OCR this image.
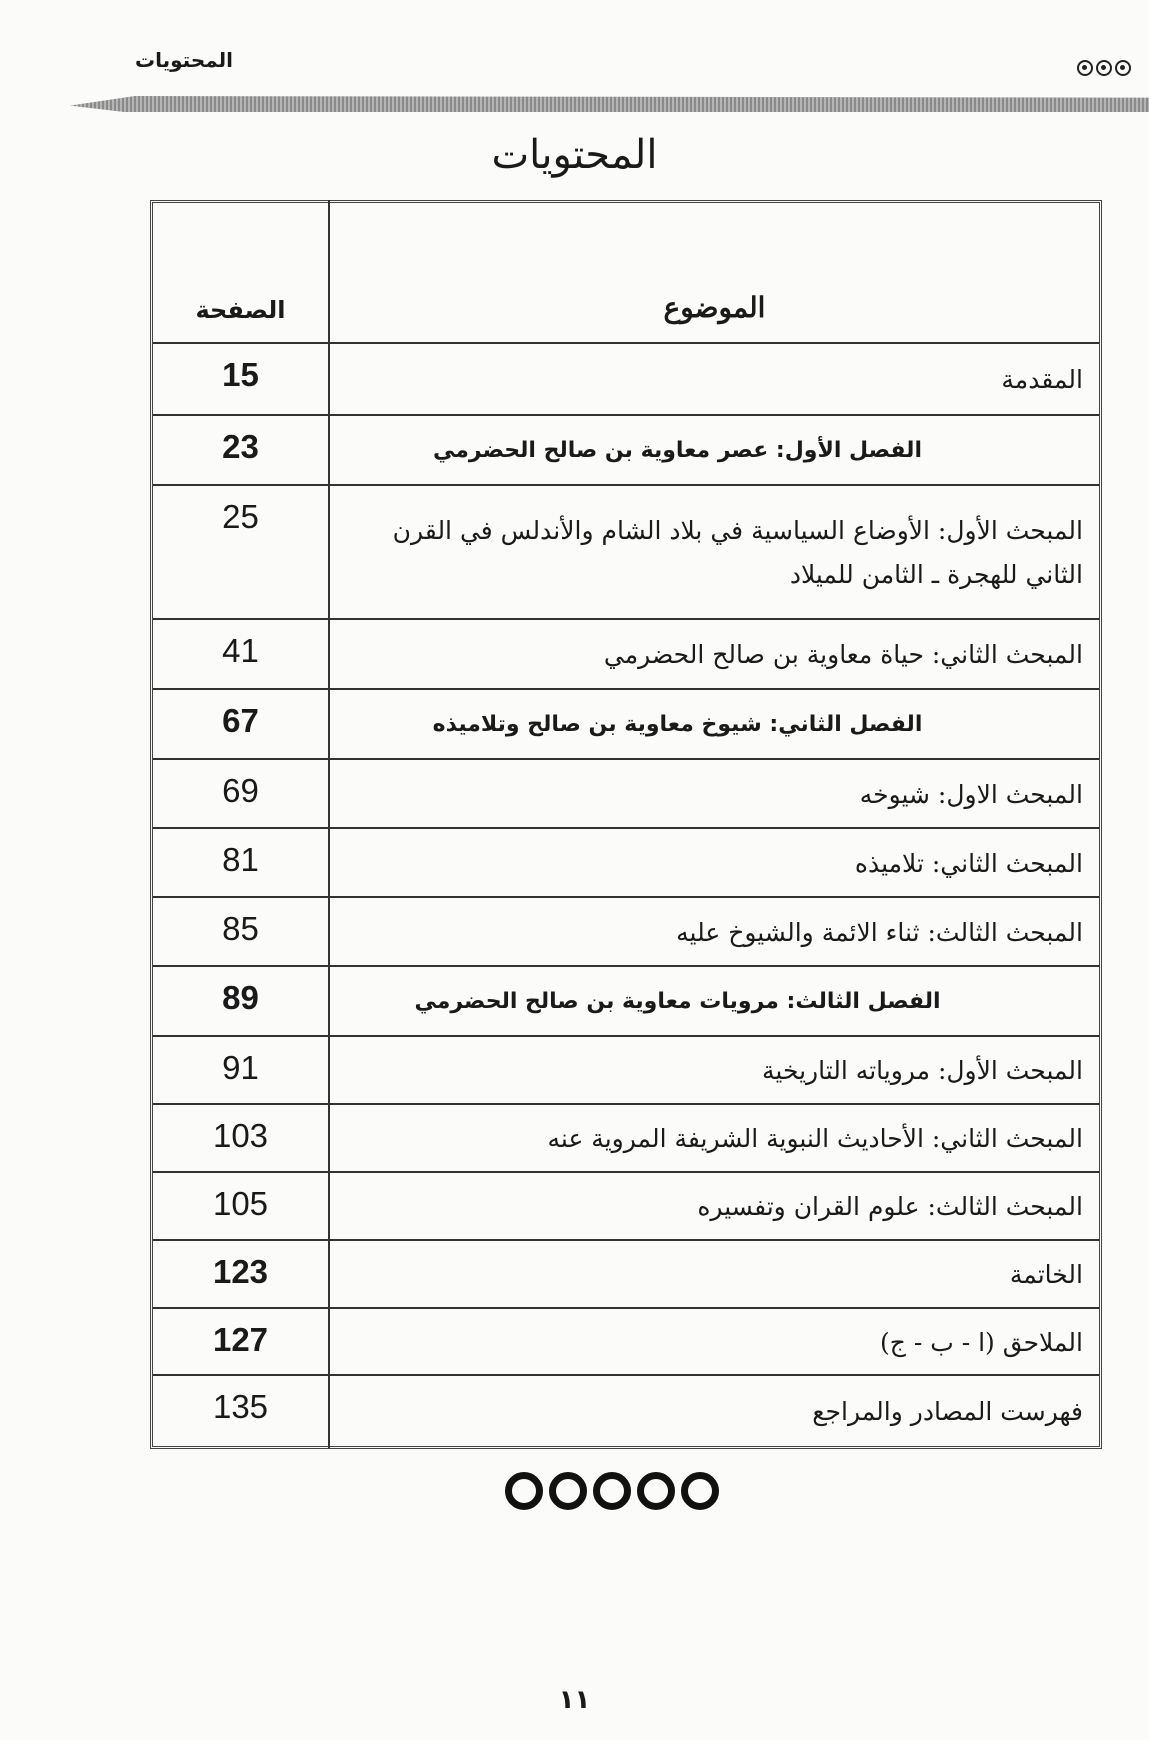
المحتويات
المحتويات
الموضوع
الصفحة
المقدمة
15
الفصل الأول: عصر معاوية بن صالح الحضرمي
23
المبحث الأول: الأوضاع السياسية في بلاد الشام والأندلس في القرن الثاني للهجرة ـ الثامن للميلاد
25
المبحث الثاني: حياة معاوية بن صالح الحضرمي
41
الفصل الثاني: شيوخ معاوية بن صالح وتلاميذه
67
المبحث الاول: شيوخه
69
المبحث الثاني: تلاميذه
81
المبحث الثالث: ثناء الائمة والشيوخ عليه
85
الفصل الثالث: مرويات معاوية بن صالح الحضرمي
89
المبحث الأول: مروياته التاريخية
91
المبحث الثاني: الأحاديث النبوية الشريفة المروية عنه
103
المبحث الثالث: علوم القران وتفسيره
105
الخاتمة
123
الملاحق (ا - ب - ج)
127
فهرست المصادر والمراجع
135
١١
